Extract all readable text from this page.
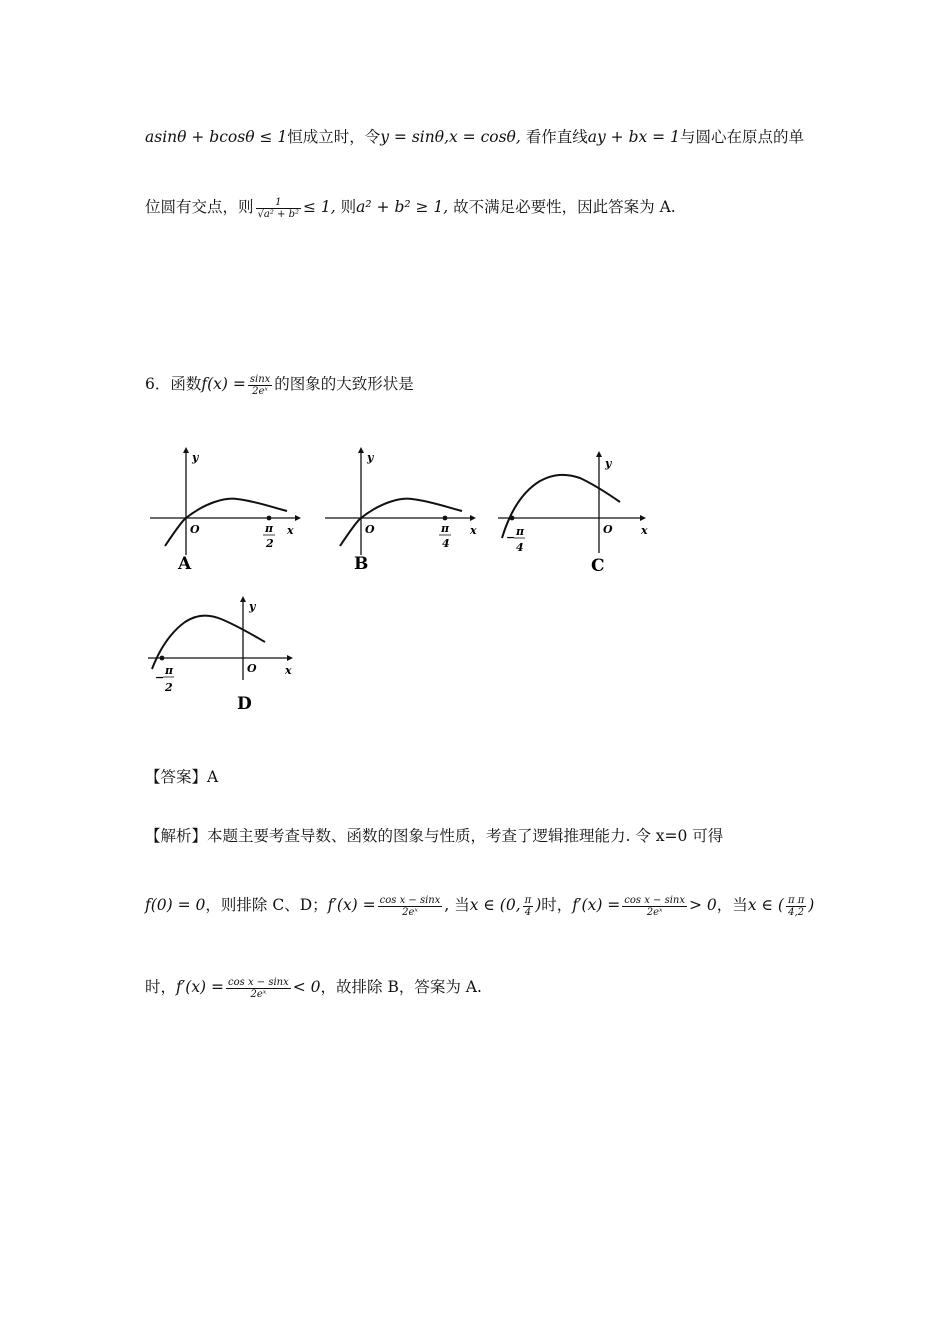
asinθ + bcosθ ≤ 1恒成立时，令y = sinθ,x = cosθ, 看作直线ay + bx = 1与圆心在原点的单
位圆有交点，则 $\frac{1}{\text{√a² + b²}} \le 1$, 则a² + b² ≥ 1, 故不满足必要性，因此答案为 A.
6．函数$f(x) = \frac{\sin x}{\text{2eˣ}}$ 的图象的大致形状是
y
x
O	π
2
A
y
x
O	π
4
B
y
x
O
− π
4
C
y
x
O
−
π
2
D
【答案】A
【解析】本题主要考查导数、函数的图象与性质，考查了逻辑推理能力. 令 x=0 可得
f(0) = 0，则排除 C、D；$f'(x) = \frac{\text{cos x − sinx}}{\text{2eˣ}}$ , 当x ∈ (0, $\frac{\pi}{4}$ )时，$f'(x) = \frac{\text{cos x − sinx}}{\text{2eˣ}} > 0$，当x ∈ ( $\frac{\text{π π}}{4,2}$ )
时，$f'(x) = \frac{\text{cos x − sinx}}{\text{2eˣ}} < 0$，故排除 B，答案为 A.
